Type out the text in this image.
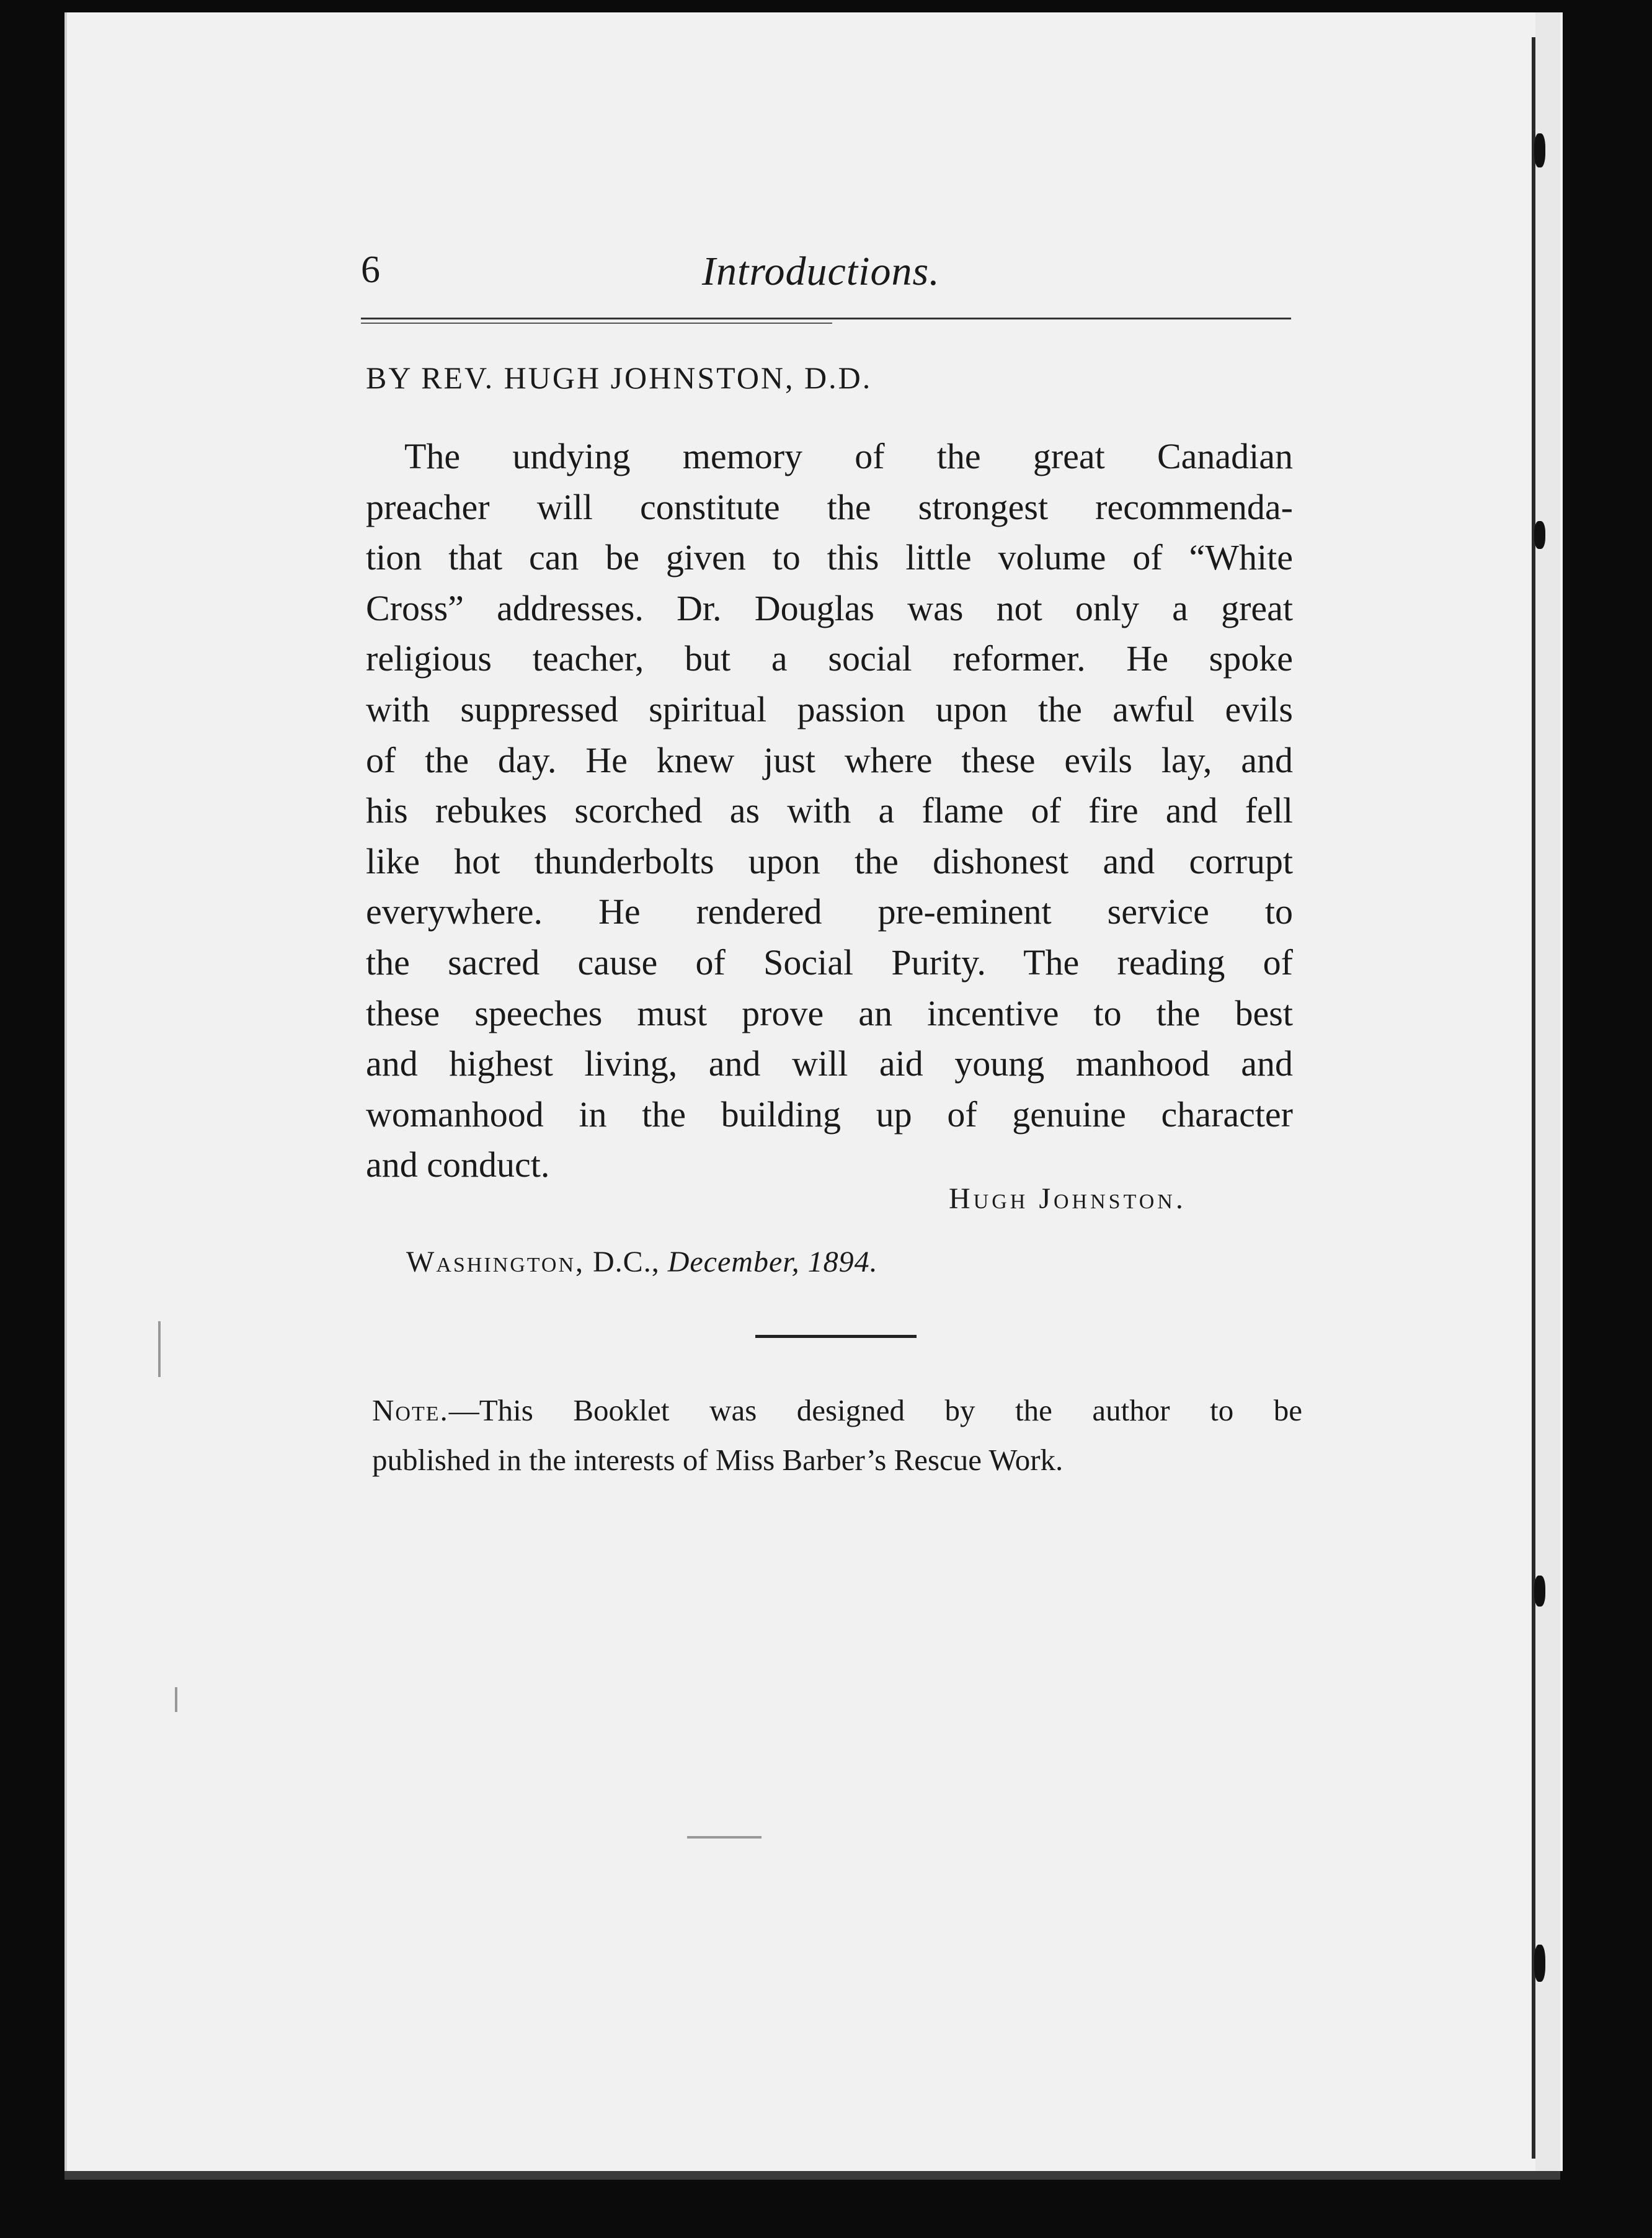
6	Introductions.
BY REV. HUGH JOHNSTON, D.D.
The undying memory of the great Canadian
preacher will constitute the strongest recommenda-
tion that can be given to this little volume of “White
Cross” addresses. Dr. Douglas was not only a great
religious teacher, but a social reformer. He spoke
with suppressed spiritual passion upon the awful evils
of the day. He knew just where these evils lay, and
his rebukes scorched as with a flame of fire and fell
like hot thunderbolts upon the dishonest and corrupt
everywhere. He rendered pre-eminent service to
the sacred cause of Social Purity. The reading of
these speeches must prove an incentive to the best
and highest living, and will aid young manhood and
womanhood in the building up of genuine character
and conduct.
Hugh Johnston.
Washington, D.C., December, 1894.
Note.—This Booklet was designed by the author to be
published in the interests of Miss Barber’s Rescue Work.
